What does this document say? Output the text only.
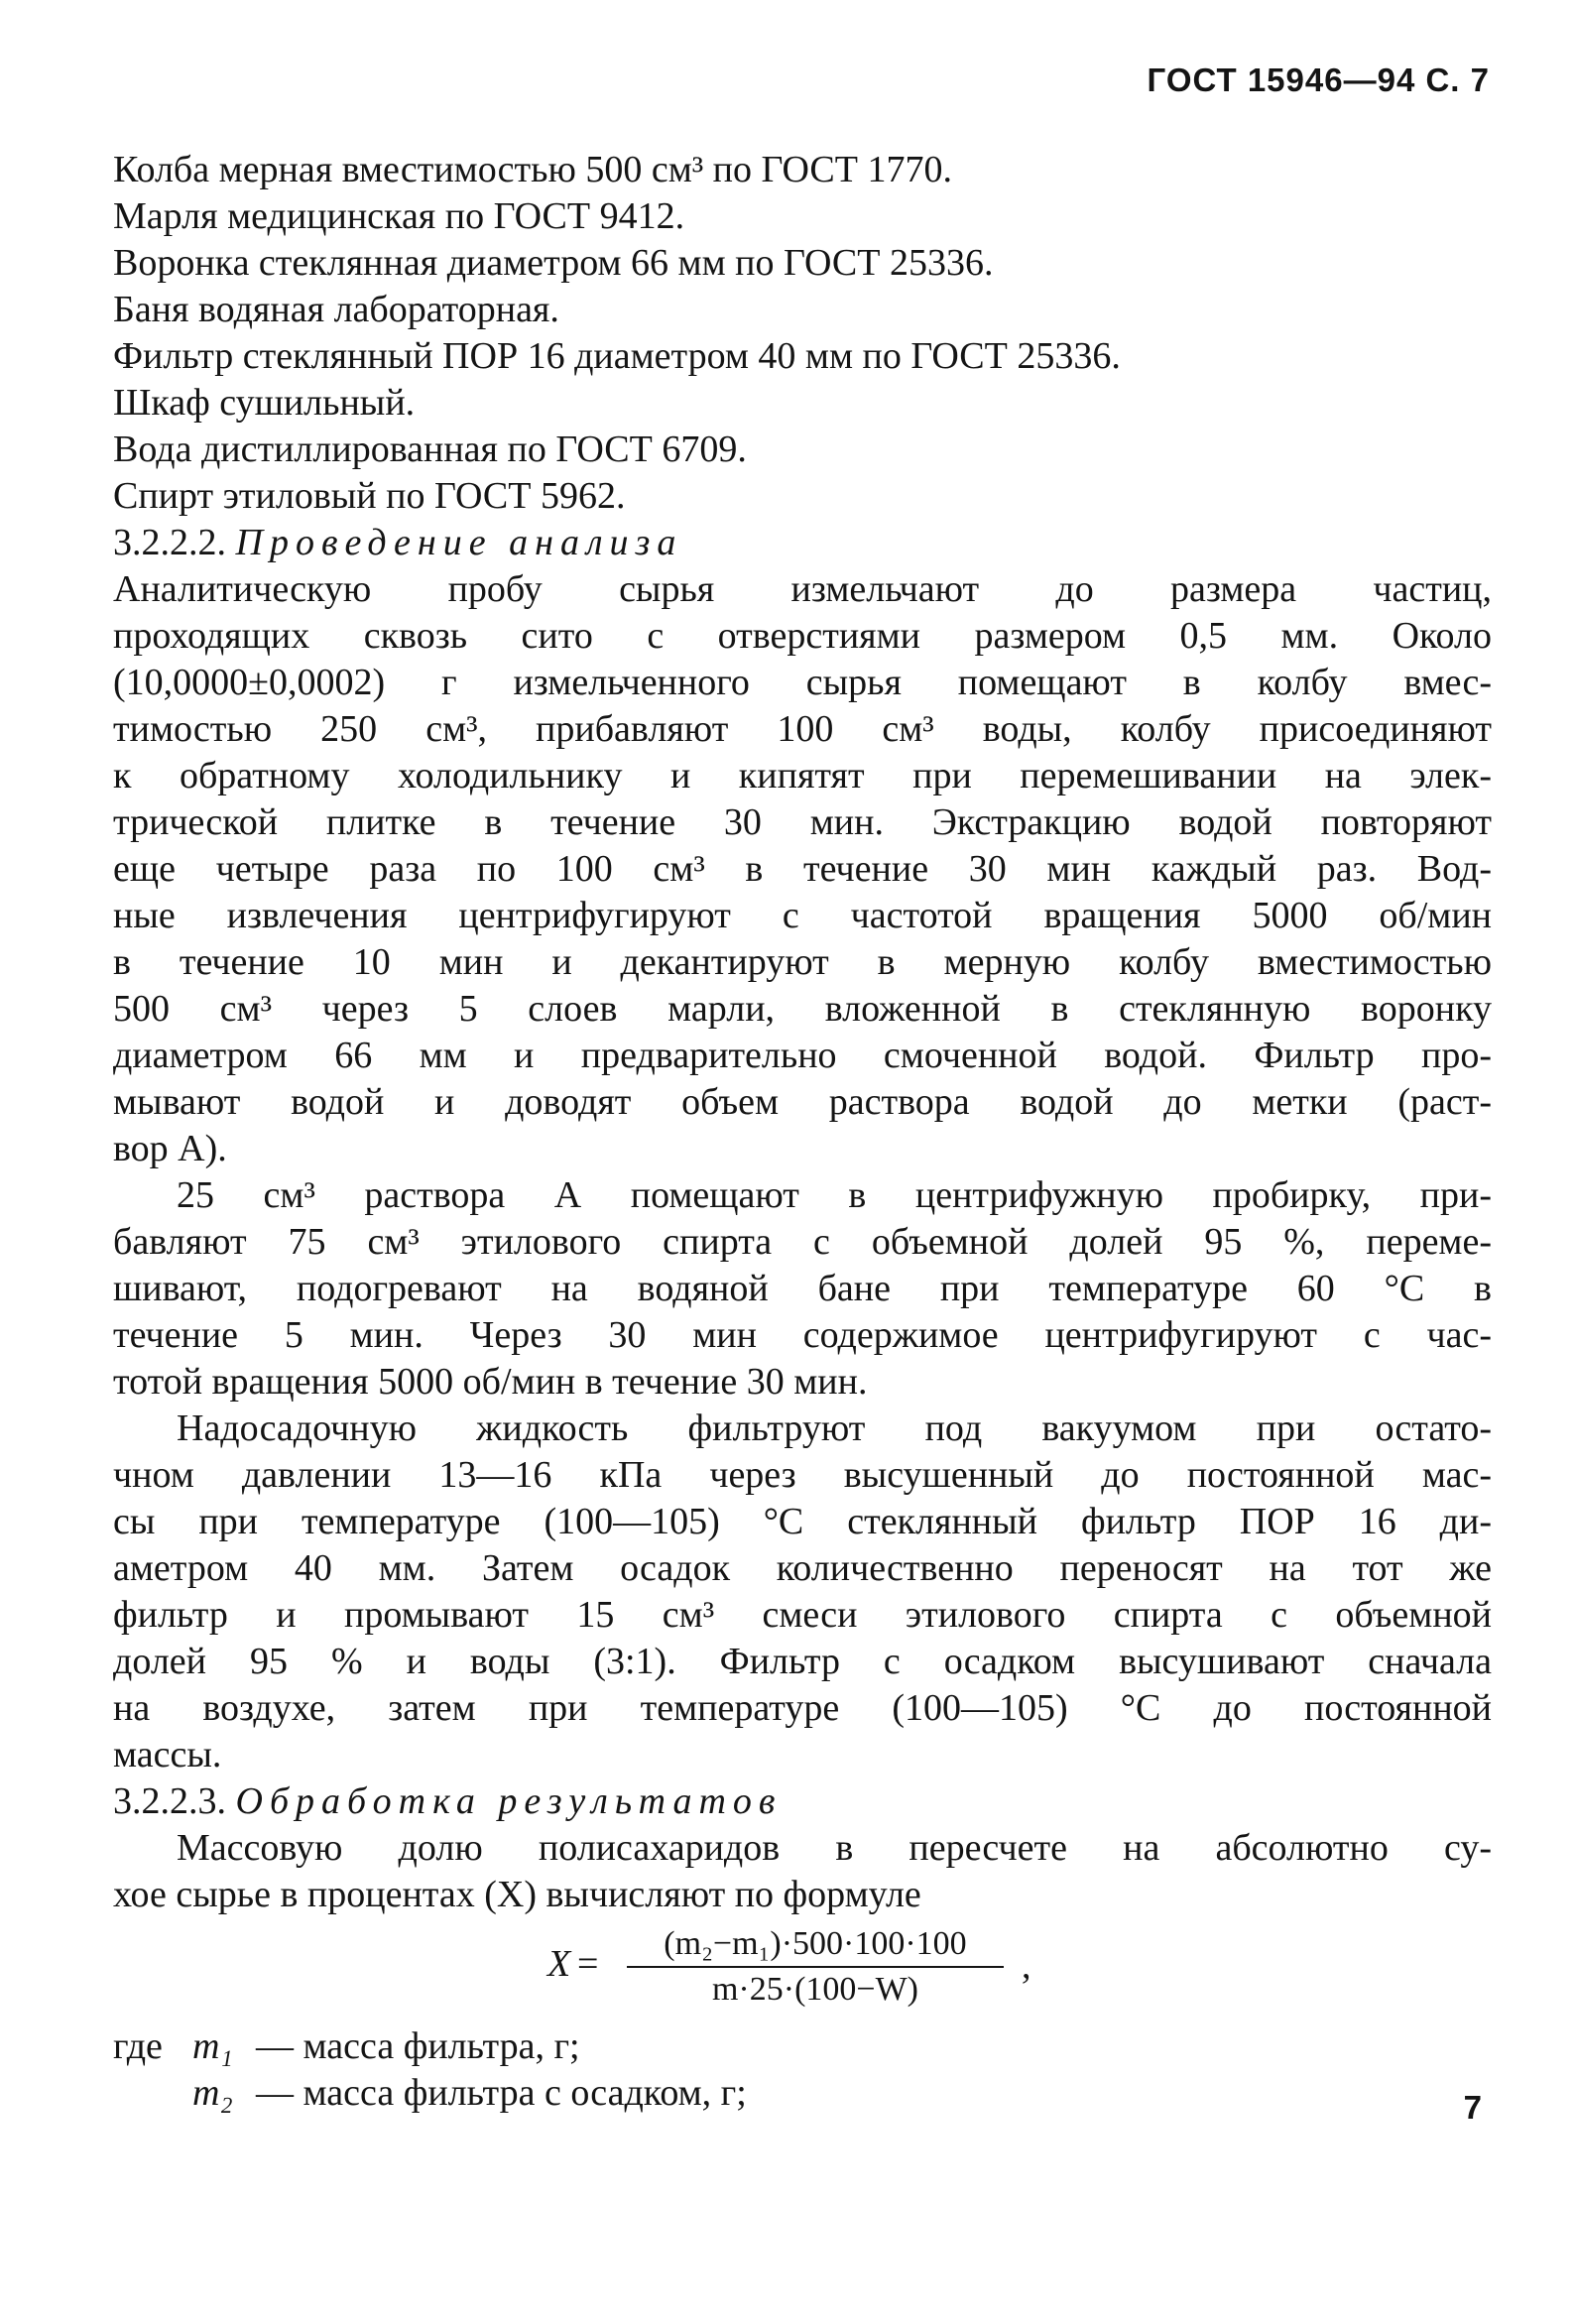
ГОСТ 15946—94 С. 7
Колба мерная вместимостью 500 см³ по ГОСТ 1770.
Марля медицинская по ГОСТ 9412.
Воронка стеклянная диаметром 66 мм по ГОСТ 25336.
Баня водяная лабораторная.
Фильтр стеклянный ПОР 16 диаметром 40 мм по ГОСТ 25336.
Шкаф сушильный.
Вода дистиллированная по ГОСТ 6709.
Спирт этиловый по ГОСТ 5962.
3.2.2.2. Проведение анализа
Аналитическую пробу сырья измельчают до размера частиц,
проходящих сквозь сито с отверстиями размером 0,5 мм. Около
(10,0000±0,0002) г измельченного сырья помещают в колбу вмес-
тимостью 250 см³, прибавляют 100 см³ воды, колбу присоединяют
к обратному холодильнику и кипятят при перемешивании на элек-
трической плитке в течение 30 мин. Экстракцию водой повторяют
еще четыре раза по 100 см³ в течение 30 мин каждый раз. Вод-
ные извлечения центрифугируют с частотой вращения 5000 об/мин
в течение 10 мин и декантируют в мерную колбу вместимостью
500 см³ через 5 слоев марли, вложенной в стеклянную воронку
диаметром 66 мм и предварительно смоченной водой. Фильтр про-
мывают водой и доводят объем раствора водой до метки (раст-
вор А).
25 см³ раствора А помещают в центрифужную пробирку, при-
бавляют 75 см³ этилового спирта с объемной долей 95 %, переме-
шивают, подогревают на водяной бане при температуре 60 °С в
течение 5 мин. Через 30 мин содержимое центрифугируют с час-
тотой вращения 5000 об/мин в течение 30 мин.
Надосадочную жидкость фильтруют под вакуумом при остато-
чном давлении 13—16 кПа через высушенный до постоянной мас-
сы при температуре (100—105) °С стеклянный фильтр ПОР 16 ди-
аметром 40 мм. Затем осадок количественно переносят на тот же
фильтр и промывают 15 см³ смеси этилового спирта с объемной
долей 95 % и воды (3:1). Фильтр с осадком высушивают сначала
на воздухе, затем при температуре (100—105) °С до постоянной
массы.
3.2.2.3. Обработка результатов
Массовую долю полисахаридов в пересчете на абсолютно су-
хое сырье в процентах (X) вычисляют по формуле
$X = \frac{\text{(m₂−m₁)·500·100·100}}{m\cdot 25\cdot(100-W)}$ ,
где m₁ —
масса фильтра, г;
m₂ —
масса фильтра с осадком, г;	7
